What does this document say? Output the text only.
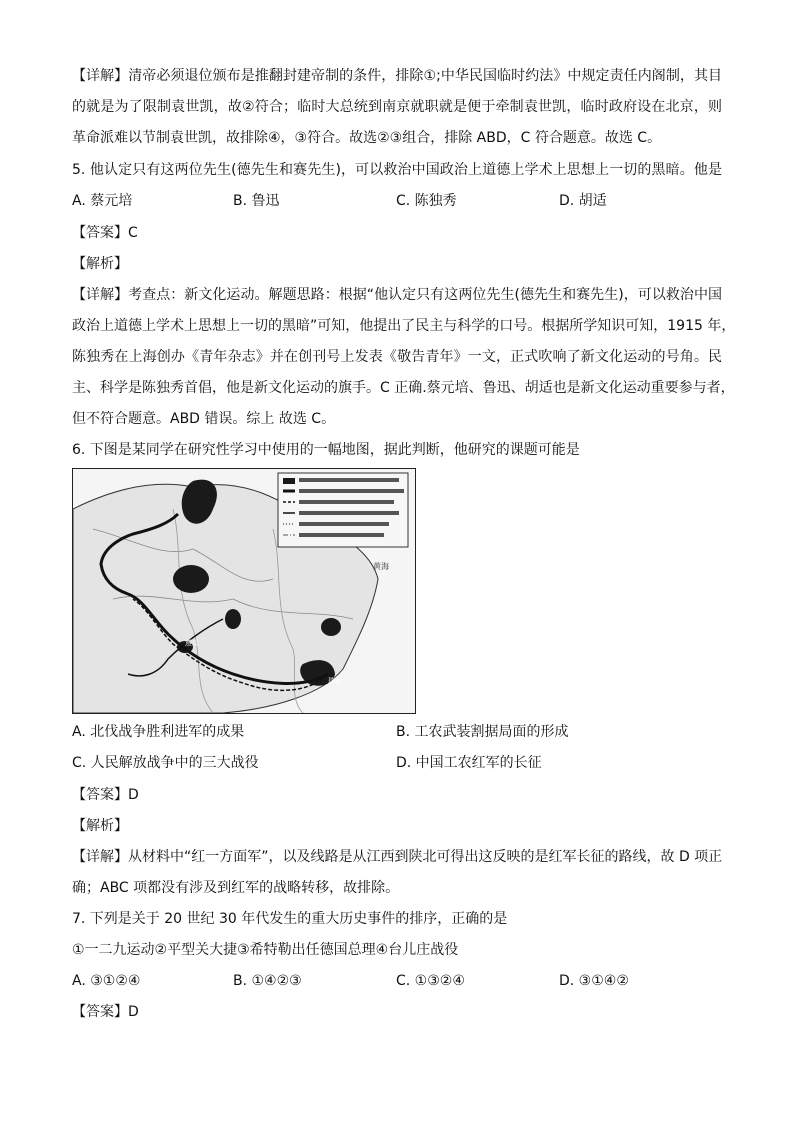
【详解】清帝必须退位颁布是推翻封建帝制的条件，排除①;中华民国临时约法》中规定责任内阁制，其目
的就是为了限制袁世凯，故②符合；临时大总统到南京就职就是便于牵制袁世凯，临时政府设在北京，则
革命派难以节制袁世凯，故排除④，③符合。故选②③组合，排除 ABD，C 符合题意。故选 C。
5. 他认定只有这两位先生(德先生和赛先生)，可以救治中国政治上道德上学术上思想上一切的黑暗。他是
A. 蔡元培	B. 鲁迅	C. 陈独秀	D. 胡适
【答案】C
【解析】
【详解】考查点：新文化运动。解题思路：根据“他认定只有这两位先生(德先生和赛先生)，可以救治中国
政治上道德上学术上思想上一切的黑暗”可知，他提出了民主与科学的口号。根据所学知识可知，1915 年，
陈独秀在上海创办《青年杂志》并在创刊号上发表《敬告青年》一文，正式吹响了新文化运动的号角。民
主、科学是陈独秀首倡，他是新文化运动的旗手。C 正确.蔡元培、鲁迅、胡适也是新文化运动重要参与者，
但不符合题意。ABD 错误。综上 故选 C。
6. 下图是某同学在研究性学习中使用的一幅地图，据此判断，他研究的课题可能是
遵义
瑞金
黄海
A. 北伐战争胜利进军的成果	B. 工农武装割据局面的形成
C. 人民解放战争中的三大战役	D. 中国工农红军的长征
【答案】D
【解析】
【详解】从材料中“红一方面军”，以及线路是从江西到陕北可得出这反映的是红军长征的路线，故 D 项正
确；ABC 项都没有涉及到红军的战略转移，故排除。
7. 下列是关于 20 世纪 30 年代发生的重大历史事件的排序，正确的是
①一二九运动②平型关大捷③希特勒出任德国总理④台儿庄战役
A. ③①②④	B. ①④②③	C. ①③②④	D. ③①④②
【答案】D
